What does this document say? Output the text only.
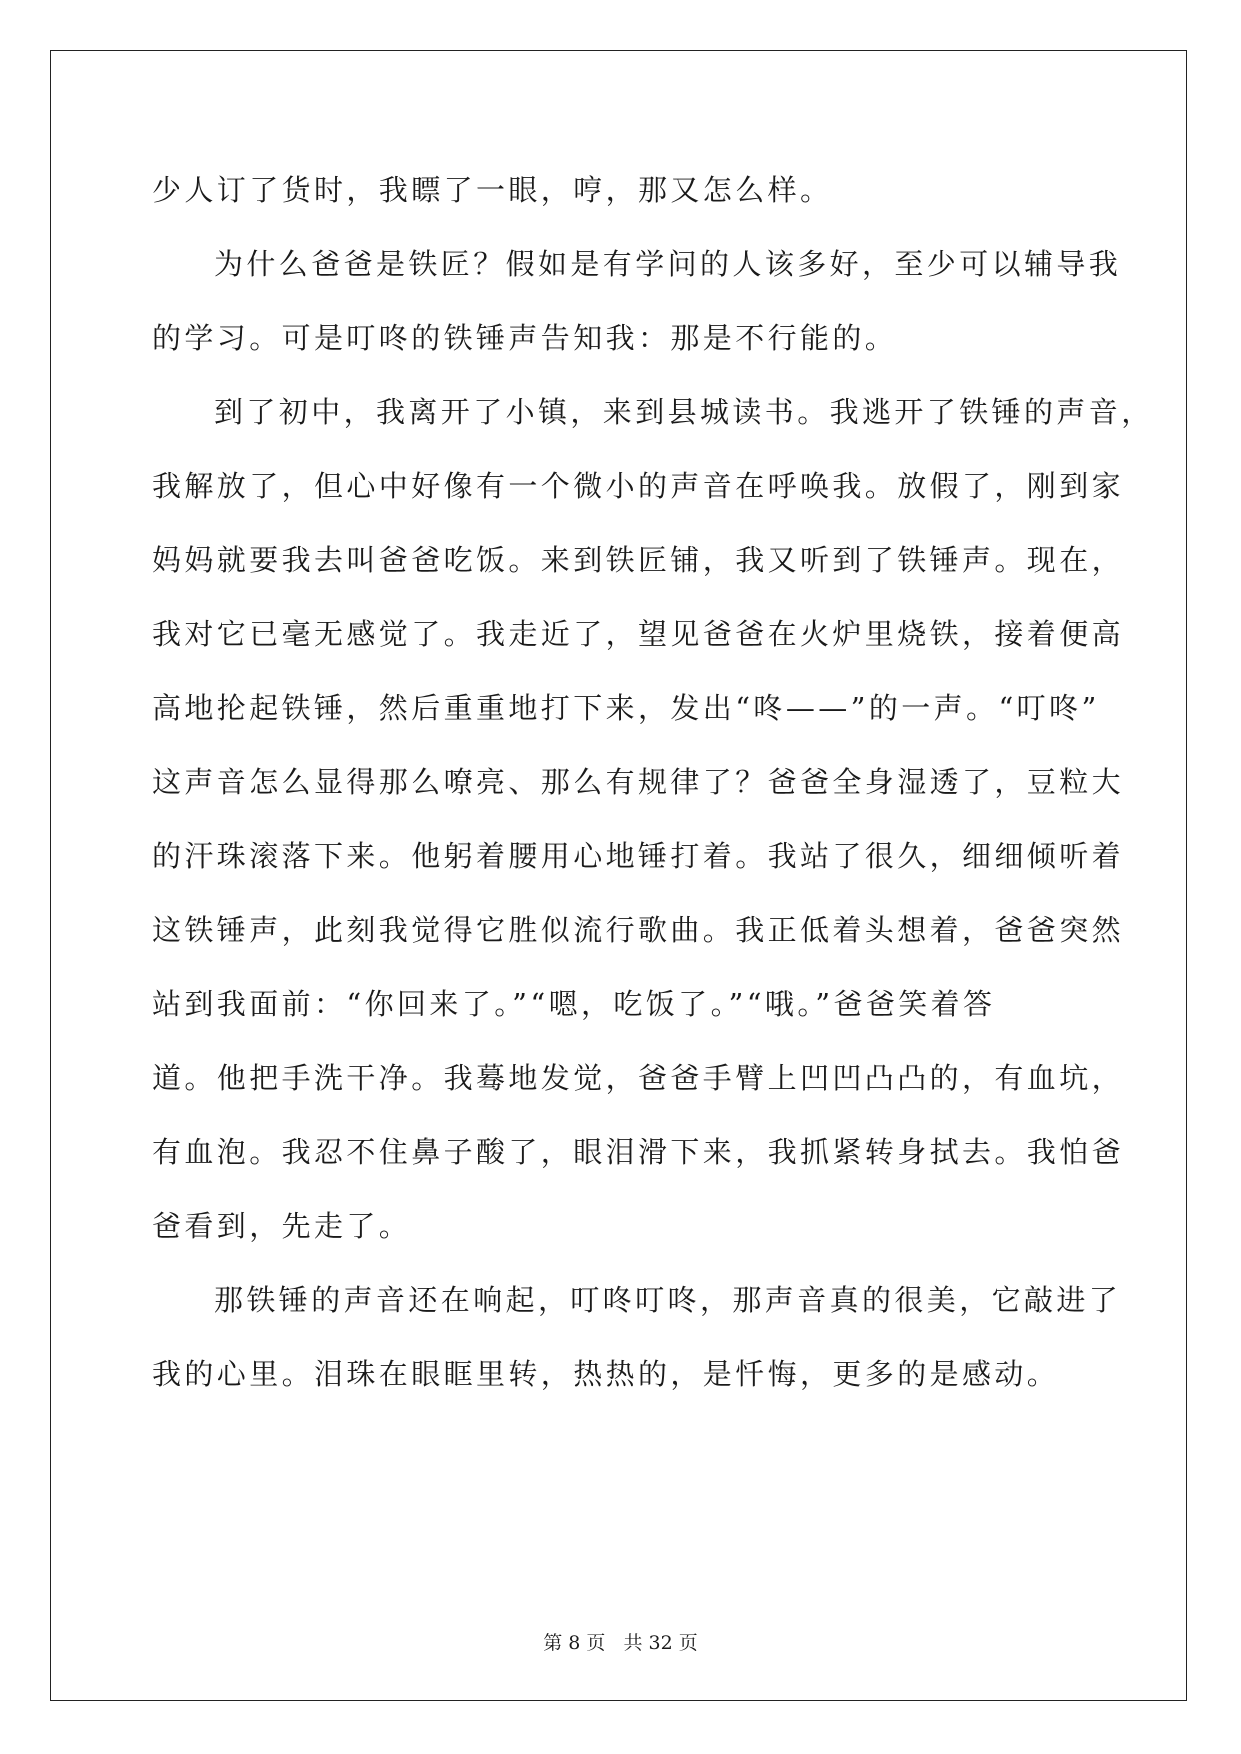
少人订了货时，我瞟了一眼，哼，那又怎么样。
为什么爸爸是铁匠？假如是有学问的人该多好，至少可以辅导我
的学习。可是叮咚的铁锤声告知我：那是不行能的。
到了初中，我离开了小镇，来到县城读书。我逃开了铁锤的声音，
我解放了，但心中好像有一个微小的声音在呼唤我。放假了，刚到家
妈妈就要我去叫爸爸吃饭。来到铁匠铺，我又听到了铁锤声。现在，
我对它已毫无感觉了。我走近了，望见爸爸在火炉里烧铁，接着便高
高地抡起铁锤，然后重重地打下来，发出“咚——”的一声。“叮咚”
这声音怎么显得那么嘹亮、那么有规律了？爸爸全身湿透了，豆粒大
的汗珠滚落下来。他躬着腰用心地锤打着。我站了很久，细细倾听着
这铁锤声，此刻我觉得它胜似流行歌曲。我正低着头想着，爸爸突然
站到我面前：“你回来了。”“嗯，吃饭了。”“哦。”爸爸笑着答
道。他把手洗干净。我蓦地发觉，爸爸手臂上凹凹凸凸的，有血坑，
有血泡。我忍不住鼻子酸了，眼泪滑下来，我抓紧转身拭去。我怕爸
爸看到，先走了。
那铁锤的声音还在响起，叮咚叮咚，那声音真的很美，它敲进了
我的心里。泪珠在眼眶里转，热热的，是忏悔，更多的是感动。
第 8 页 共 32 页
